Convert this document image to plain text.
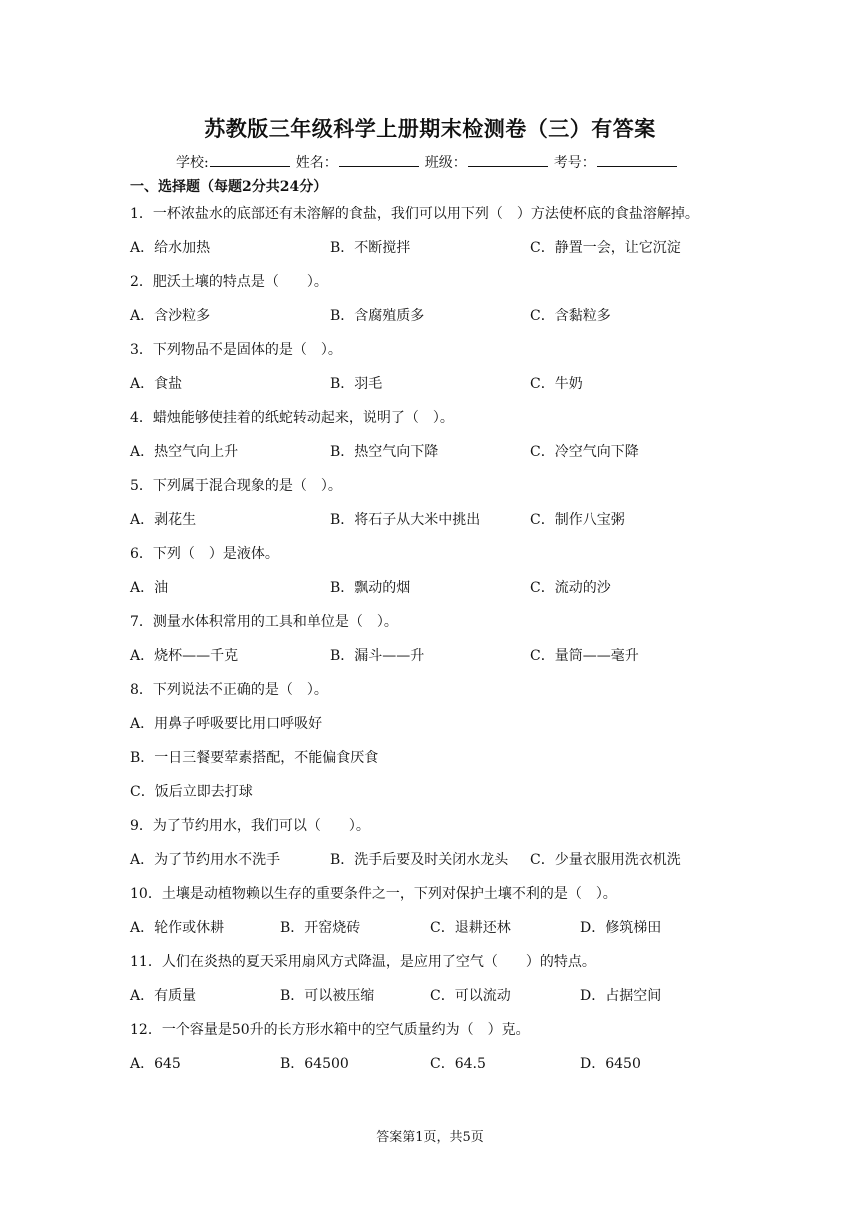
苏教版三年级科学上册期末检测卷（三）有答案
学校:	姓名：	班级：	考号：
一、选择题（每题2分共24分）
1．一杯浓盐水的底部还有未溶解的食盐，我们可以用下列（　）方法使杯底的食盐溶解掉。
A．给水加热	B．不断搅拌	C．静置一会，让它沉淀
2．肥沃土壤的特点是（　　）。
A．含沙粒多	B．含腐殖质多	C．含黏粒多
3．下列物品不是固体的是（　）。
A．食盐	B．羽毛	C．牛奶
4．蜡烛能够使挂着的纸蛇转动起来，说明了（　）。
A．热空气向上升	B．热空气向下降	C．冷空气向下降
5．下列属于混合现象的是（　）。
A．剥花生	B．将石子从大米中挑出	C．制作八宝粥
6．下列（　）是液体。
A．油	B．飘动的烟	C．流动的沙
7．测量水体积常用的工具和单位是（　）。
A．烧杯——千克	B．漏斗——升	C．量筒——毫升
8．下列说法不正确的是（　）。
A．用鼻子呼吸要比用口呼吸好
B．一日三餐要荤素搭配，不能偏食厌食
C．饭后立即去打球
9．为了节约用水，我们可以（　　）。
A．为了节约用水不洗手	B．洗手后要及时关闭水龙头 C．少量衣服用洗衣机洗
10．土壤是动植物赖以生存的重要条件之一，下列对保护土壤不利的是（　）。
A．轮作或休耕	B．开窑烧砖	C．退耕还林	D．修筑梯田
11．人们在炎热的夏天采用扇风方式降温，是应用了空气（　　）的特点。
A．有质量	B．可以被压缩	C．可以流动	D．占据空间
12．一个容量是50升的长方形水箱中的空气质量约为（　）克。
A．645	B．64500	C．64.5	D．6450
答案第1页，共5页
